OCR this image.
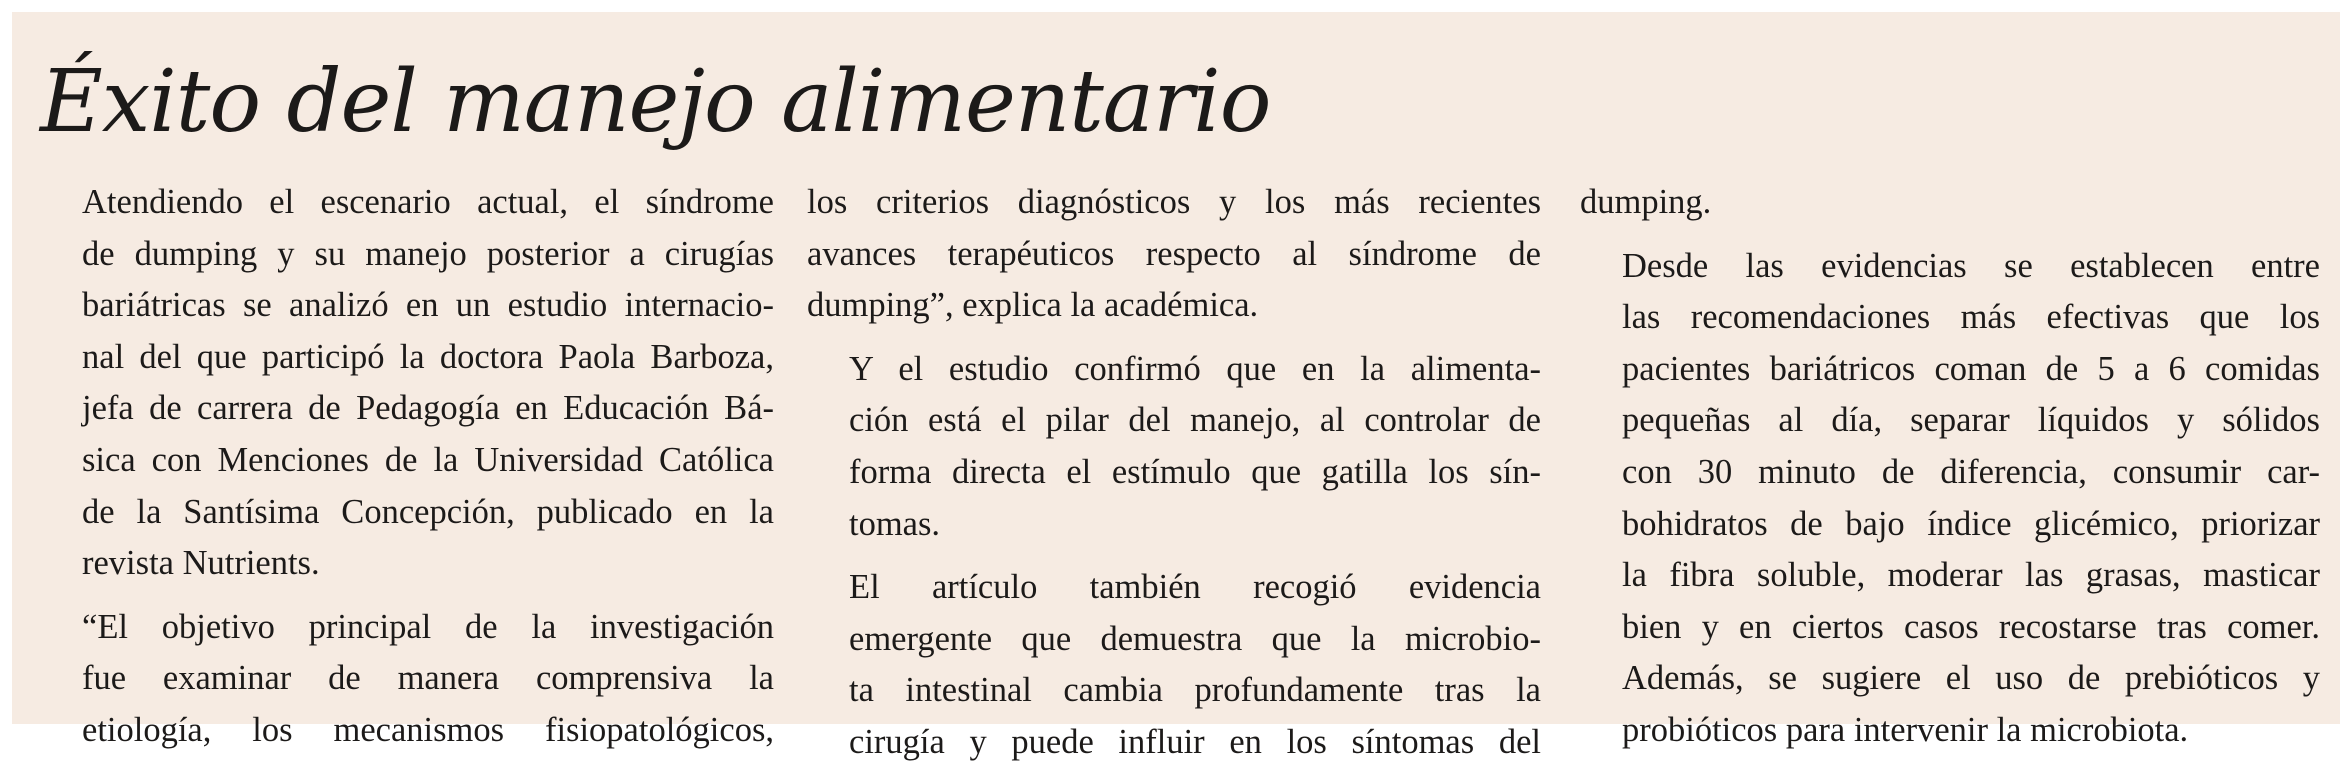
Éxito del manejo alimentario

Atendiendo el escenario actual, el síndrome
de dumping y su manejo posterior a cirugías
bariátricas se analizó en un estudio internacio-
nal del que participó la doctora Paola Barboza,
jefa de carrera de Pedagogía en Educación Bá-
sica con Menciones de la Universidad Católica
de la Santísima Concepción, publicado en la
revista Nutrients.

“El objetivo principal de la investigación
fue examinar de manera comprensiva la
etiología, los mecanismos fisiopatológicos,

los criterios diagnósticos y los más recientes
avances terapéuticos respecto al síndrome de
dumping”, explica la académica.

Y el estudio confirmó que en la alimenta-
ción está el pilar del manejo, al controlar de
forma directa el estímulo que gatilla los sín-
tomas.

El artículo también recogió evidencia
emergente que demuestra que la microbio-
ta intestinal cambia profundamente tras la
cirugía y puede influir en los síntomas del

dumping.

Desde las evidencias se establecen entre
las recomendaciones más efectivas que los
pacientes bariátricos coman de 5 a 6 comidas
pequeñas al día, separar líquidos y sólidos
con 30 minuto de diferencia, consumir car-
bohidratos de bajo índice glicémico, priorizar
la fibra soluble, moderar las grasas, masticar
bien y en ciertos casos recostarse tras comer.
Además, se sugiere el uso de prebióticos y
probióticos para intervenir la microbiota.
